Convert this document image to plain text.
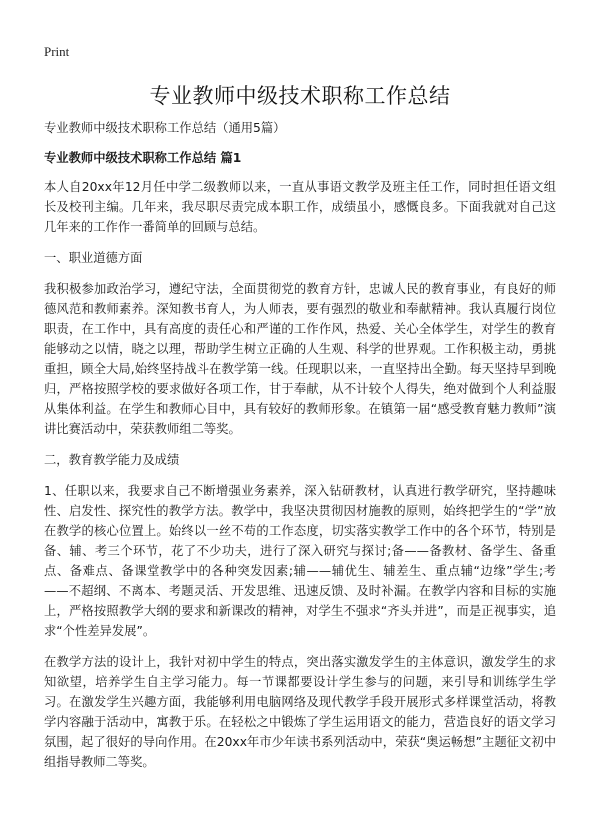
Print
专业教师中级技术职称工作总结

专业教师中级技术职称工作总结（通用5篇）

专业教师中级技术职称工作总结 篇1

本人自20xx年12月任中学二级教师以来，一直从事语文教学及班主任工作，同时担任语文组长及校刊主编。几年来，我尽职尽责完成本职工作，成绩虽小，感慨良多。下面我就对自己这几年来的工作作一番简单的回顾与总结。

一、职业道德方面

我积极参加政治学习，遵纪守法，全面贯彻党的教育方针，忠诚人民的教育事业，有良好的师德风范和教师素养。深知教书育人，为人师表，要有强烈的敬业和奉献精神。我认真履行岗位职责，在工作中，具有高度的责任心和严谨的工作作风，热爱、关心全体学生，对学生的教育能够动之以情，晓之以理，帮助学生树立正确的人生观、科学的世界观。工作积极主动，勇挑重担，顾全大局,始终坚持战斗在教学第一线。任现职以来，一直坚持出全勤。每天坚持早到晚归，严格按照学校的要求做好各项工作，甘于奉献，从不计较个人得失，绝对做到个人利益服从集体利益。在学生和教师心目中，具有较好的教师形象。在镇第一届“感受教育魅力教师”演讲比赛活动中，荣获教师组二等奖。

二，教育教学能力及成绩

1、任职以来，我要求自己不断增强业务素养，深入钻研教材，认真进行教学研究，坚持趣味性、启发性、探究性的教学方法。教学中，我坚决贯彻因材施教的原则，始终把学生的“学”放在教学的核心位置上。始终以一丝不苟的工作态度，切实落实教学工作中的各个环节，特别是备、辅、考三个环节，花了不少功夫，进行了深入研究与探讨;备——备教材、备学生、备重点、备难点、备课堂教学中的各种突发因素;辅——辅优生、辅差生、重点辅“边缘”学生;考——不超纲、不离本、考题灵活、开发思维、迅速反馈、及时补漏。在教学内容和目标的实施上，严格按照教学大纲的要求和新课改的精神，对学生不强求“齐头并进”，而是正视事实，追求“个性差异发展”。

在教学方法的设计上，我针对初中学生的特点，突出落实激发学生的主体意识，激发学生的求知欲望，培养学生自主学习能力。每一节课都要设计学生参与的问题，来引导和训练学生学习。在激发学生兴趣方面，我能够利用电脑网络及现代教学手段开展形式多样课堂活动，将教学内容融于活动中，寓教于乐。在轻松之中锻炼了学生运用语文的能力，营造良好的语文学习氛围，起了很好的导向作用。在20xx年市少年读书系列活动中，荣获“奥运畅想”主题征文初中组指导教师二等奖。
